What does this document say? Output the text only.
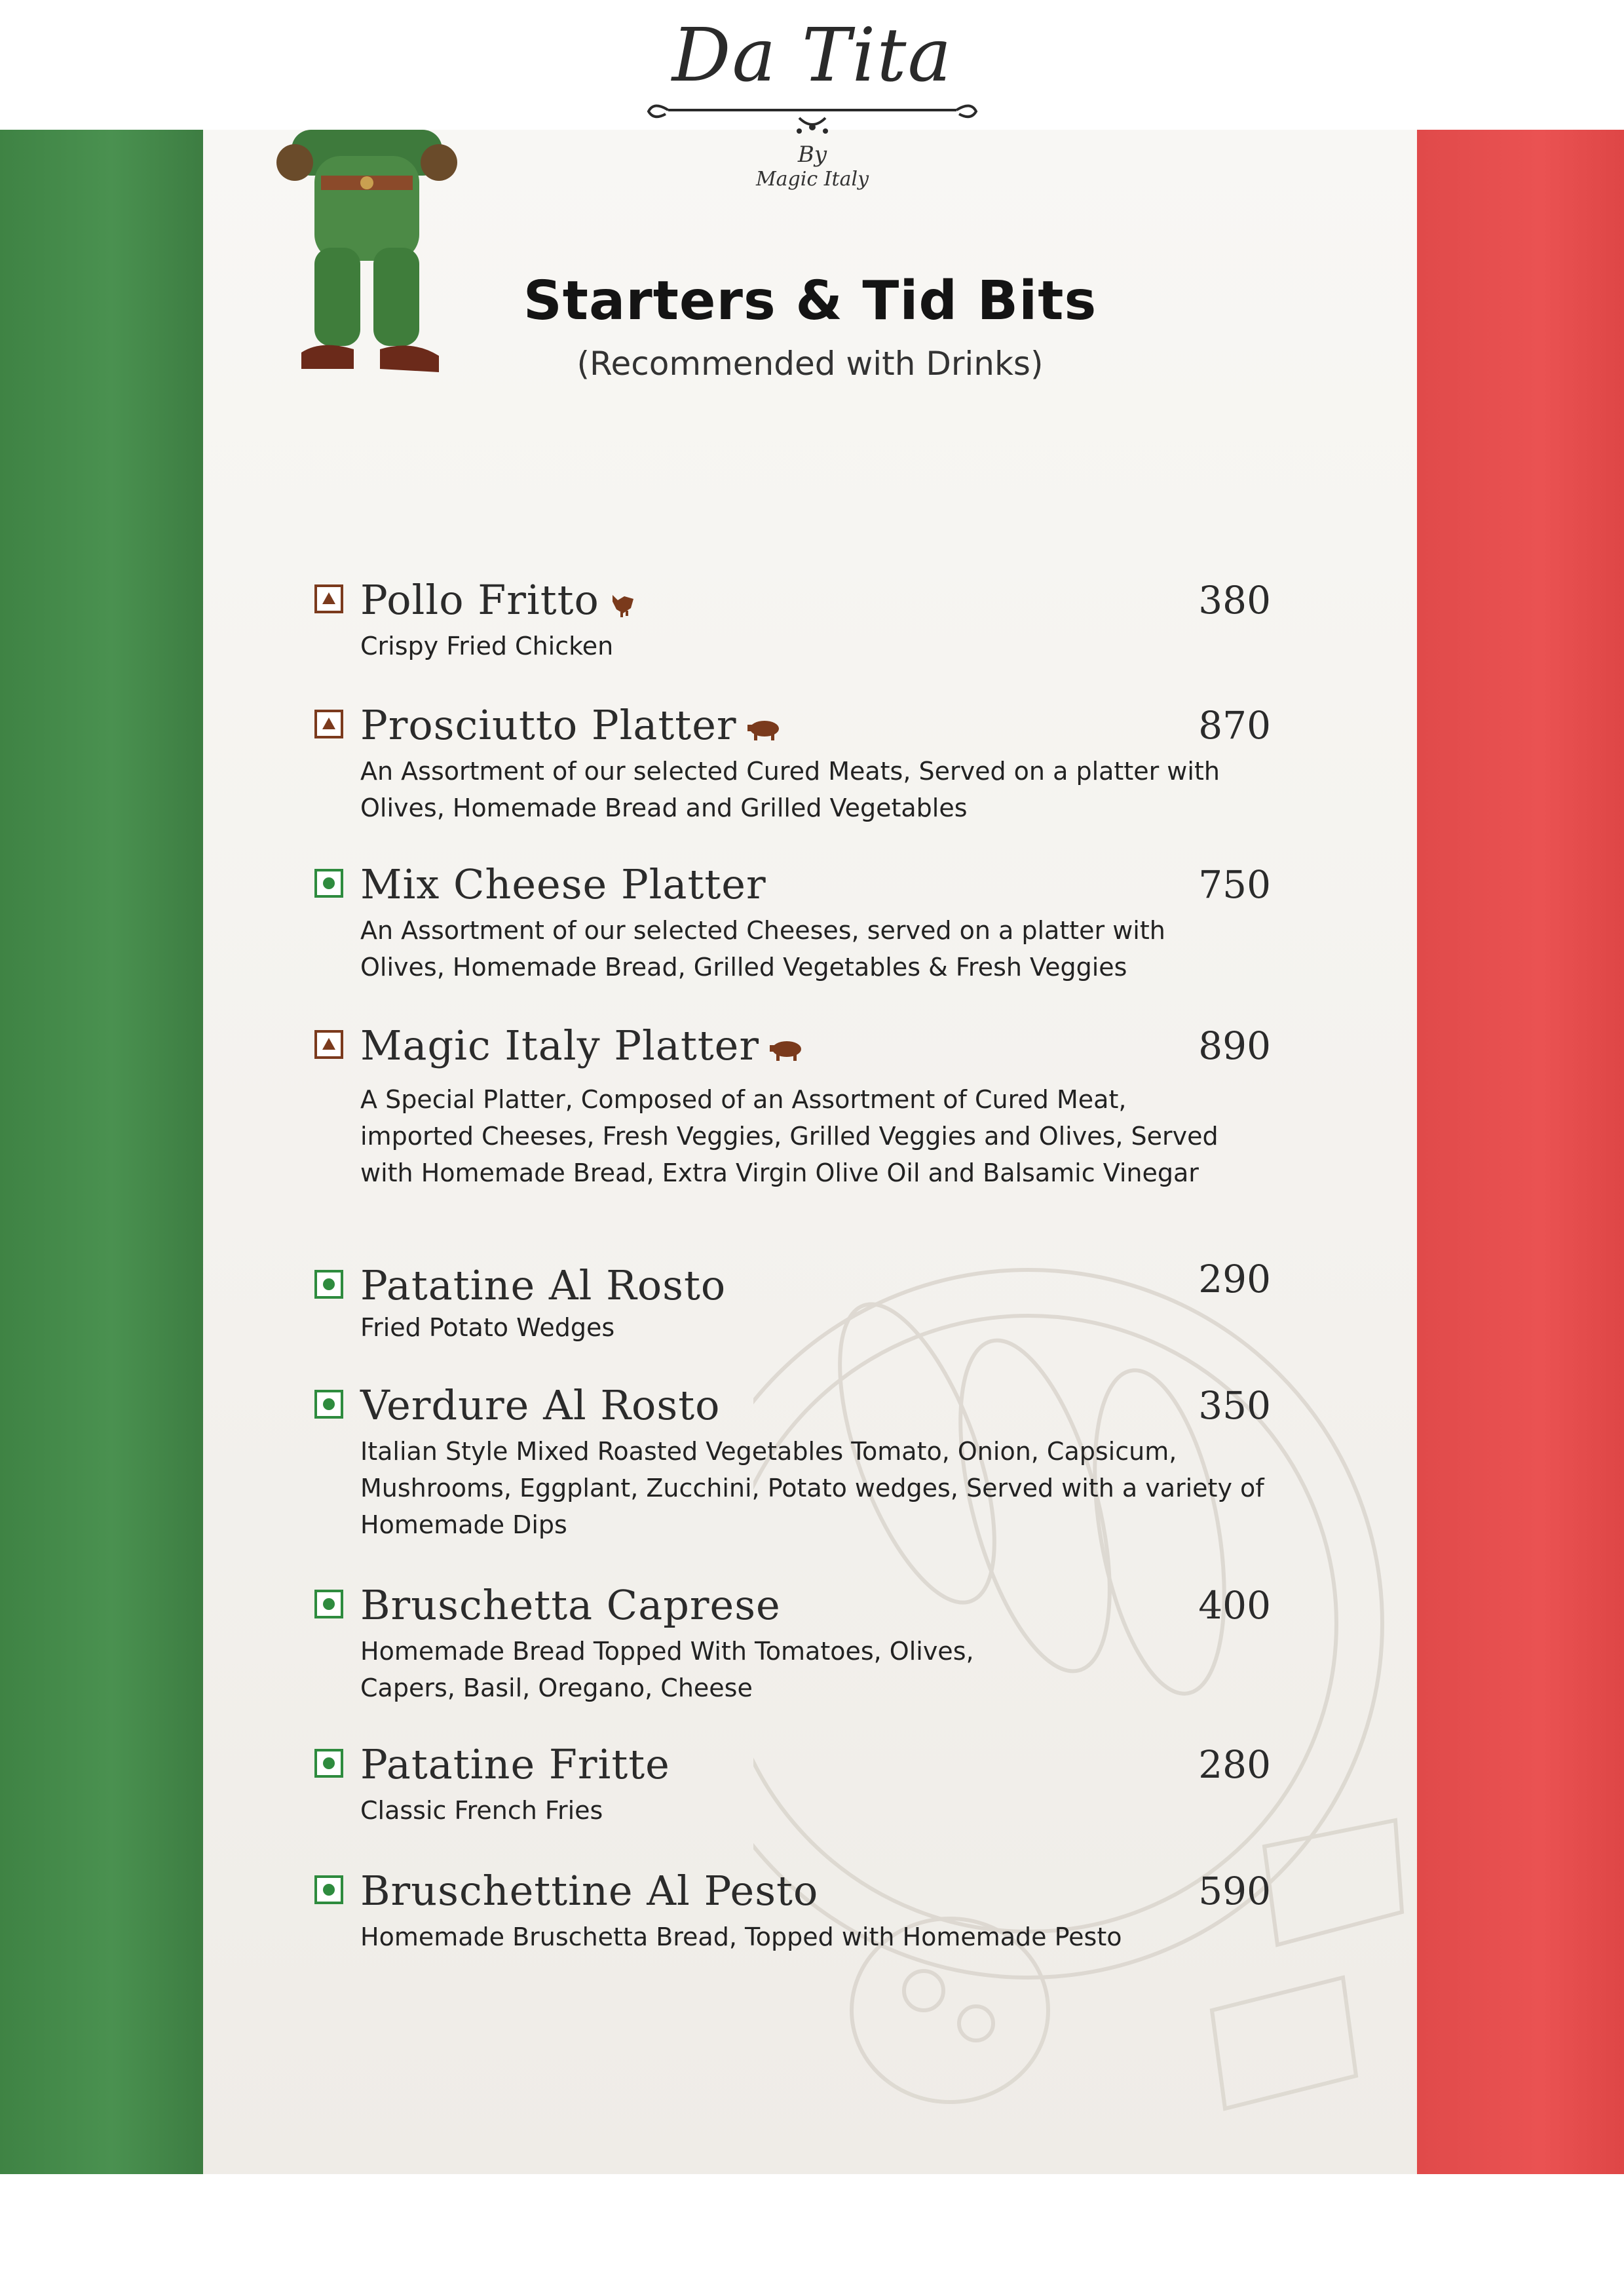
Da Tita
By
Magic Italy
Starters & Tid Bits
(Recommended with Drinks)
Pollo Fritto	380
Crispy Fried Chicken
Prosciutto Platter	870
An Assortment of our selected Cured Meats, Served on a platter with Olives, Homemade Bread and Grilled Vegetables
Mix Cheese Platter	750
An Assortment of our selected Cheeses, served on a platter with Olives, Homemade Bread, Grilled Vegetables & Fresh Veggies
Magic Italy Platter	890
A Special Platter, Composed of an Assortment of Cured Meat, imported Cheeses, Fresh Veggies, Grilled Veggies and Olives, Served with Homemade Bread, Extra Virgin Olive Oil and Balsamic Vinegar
Patatine Al Rosto	290
Fried Potato Wedges
Verdure Al Rosto	350
Italian Style Mixed Roasted Vegetables Tomato, Onion, Capsicum, Mushrooms, Eggplant, Zucchini, Potato wedges, Served with a variety of Homemade Dips
Bruschetta Caprese	400
Homemade Bread Topped With Tomatoes, Olives, Capers, Basil, Oregano, Cheese
Patatine Fritte	280
Classic French Fries
Bruschettine Al Pesto	590
Homemade Bruschetta Bread, Topped with Homemade Pesto
